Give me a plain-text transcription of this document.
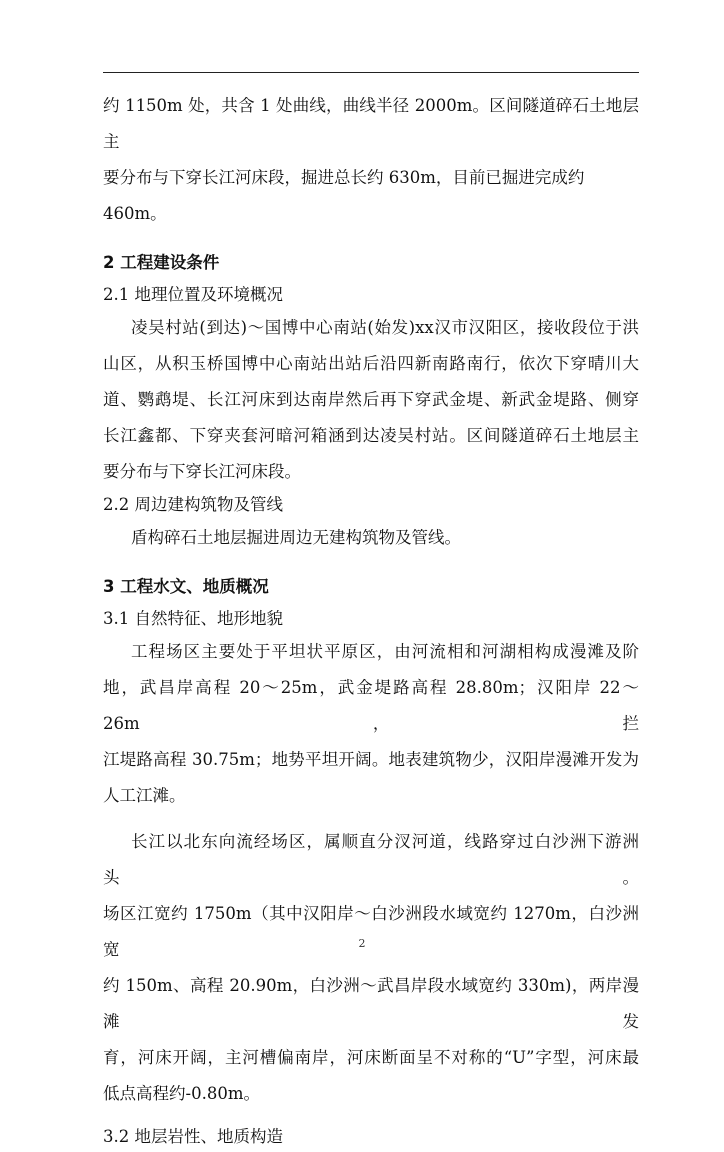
约 1150m 处，共含 1 处曲线，曲线半径 2000m。区间隧道碎石土地层主

要分布与下穿长江河床段，掘进总长约 630m，目前已掘进完成约 460m。

2 工程建设条件
2.1 地理位置及环境概况

凌吴村站(到达)～国博中心南站(始发)xx汉市汉阳区，接收段位于洪

山区，从积玉桥国博中心南站出站后沿四新南路南行，依次下穿晴川大

道、鹦鹉堤、长江河床到达南岸然后再下穿武金堤、新武金堤路、侧穿

长江鑫都、下穿夹套河暗河箱涵到达凌吴村站。区间隧道碎石土地层主

要分布与下穿长江河床段。

2.2 周边建构筑物及管线

盾构碎石土地层掘进周边无建构筑物及管线。

3 工程水文、地质概况
3.1 自然特征、地形地貌

工程场区主要处于平坦状平原区，由河流相和河湖相构成漫滩及阶

地，武昌岸高程 20～25m，武金堤路高程 28.80m；汉阳岸 22～26m，拦

江堤路高程 30.75m；地势平坦开阔。地表建筑物少，汉阳岸漫滩开发为

人工江滩。

长江以北东向流经场区，属顺直分汊河道，线路穿过白沙洲下游洲头。

场区江宽约 1750m（其中汉阳岸～白沙洲段水域宽约 1270m，白沙洲宽

约 150m、高程 20.90m，白沙洲～武昌岸段水域宽约 330m)，两岸漫滩发

育，河床开阔，主河槽偏南岸，河床断面呈不对称的“U”字型，河床最

低点高程约-0.80m。

3.2 地层岩性、地质构造
2
